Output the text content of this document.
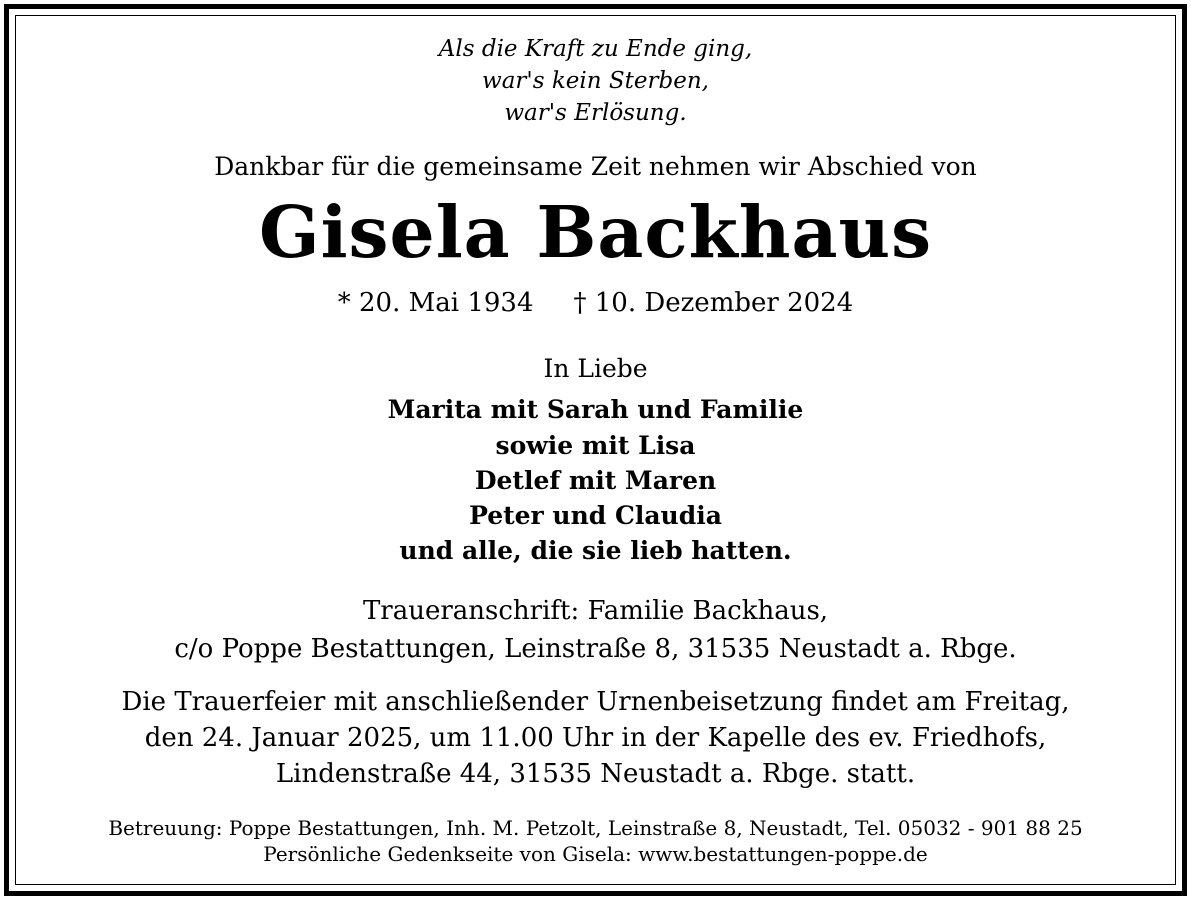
Als die Kraft zu Ende ging,
war's kein Sterben,
war's Erlösung.
Dankbar für die gemeinsame Zeit nehmen wir Abschied von
Gisela Backhaus
* 20. Mai 1934 † 10. Dezember 2024
In Liebe
Marita mit Sarah und Familie
sowie mit Lisa
Detlef mit Maren
Peter und Claudia
und alle, die sie lieb hatten.
Traueranschrift: Familie Backhaus,
c/o Poppe Bestattungen, Leinstraße 8, 31535 Neustadt a. Rbge.
Die Trauerfeier mit anschließender Urnenbeisetzung findet am Freitag,
den 24. Januar 2025, um 11.00 Uhr in der Kapelle des ev. Friedhofs,
Lindenstraße 44, 31535 Neustadt a. Rbge. statt.
Betreuung: Poppe Bestattungen, Inh. M. Petzolt, Leinstraße 8, Neustadt, Tel. 05032 - 901 88 25
Persönliche Gedenkseite von Gisela: www.bestattungen-poppe.de
